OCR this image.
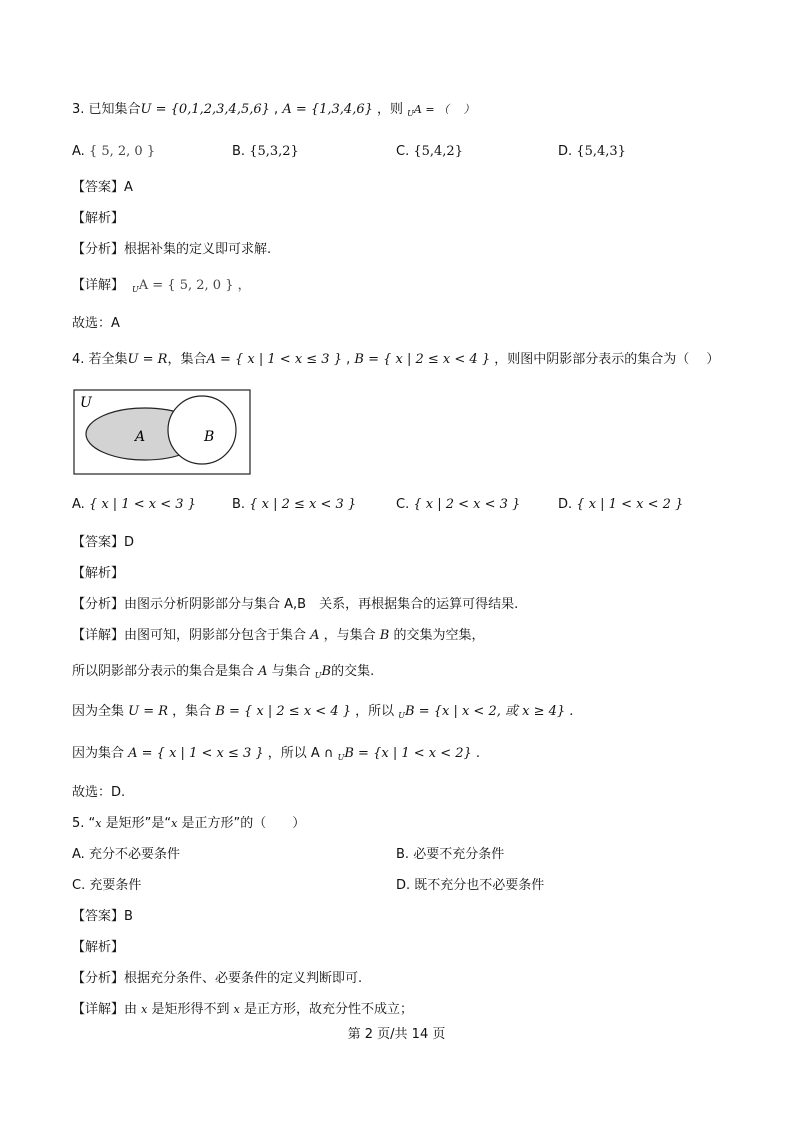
3. 已知集合U = {0,1,2,3,4,5,6} , A = {1,3,4,6} ，则 $_U$A = （　 ）
A. { 5, 2, 0 }	B. {5,3,2}	C. {5,4,2}	D. {5,4,3}
【答案】A
【解析】
【分析】根据补集的定义即可求解.
【详解】 $_U$A = { 5, 2, 0 } ，
故选：A
4. 若全集U = R，集合A = { x | 1 < x ≤ 3 } , B = { x | 2 ≤ x < 4 } ，则图中阴影部分表示的集合为（　 ）
U
A	B
A. { x | 1 < x < 3 }	B. { x | 2 ≤ x < 3 }	C. { x | 2 < x < 3 }	D. { x | 1 < x < 2 }
【答案】D
【解析】
【分析】由图示分析阴影部分与集合 A,B　关系，再根据集合的运算可得结果.
【详解】由图可知，阴影部分包含于集合 A ，与集合 B 的交集为空集，
所以阴影部分表示的集合是集合 A 与集合 $_U$B的交集.
因为全集 U = R ，集合 B = { x | 2 ≤ x < 4 } ，所以 $_U$B = {x | x < 2, 或 x ≥ 4} .
因为集合 A = { x | 1 < x ≤ 3 } ，所以 A ∩ $_U$B = {x | 1 < x < 2} .
故选：D.
5. “x 是矩形”是“x 是正方形”的（　　）
A. 充分不必要条件	B. 必要不充分条件
C. 充要条件	D. 既不充分也不必要条件
【答案】B
【解析】
【分析】根据充分条件、必要条件的定义判断即可.
【详解】由 x 是矩形得不到 x 是正方形，故充分性不成立；
第 2 页/共 14 页
